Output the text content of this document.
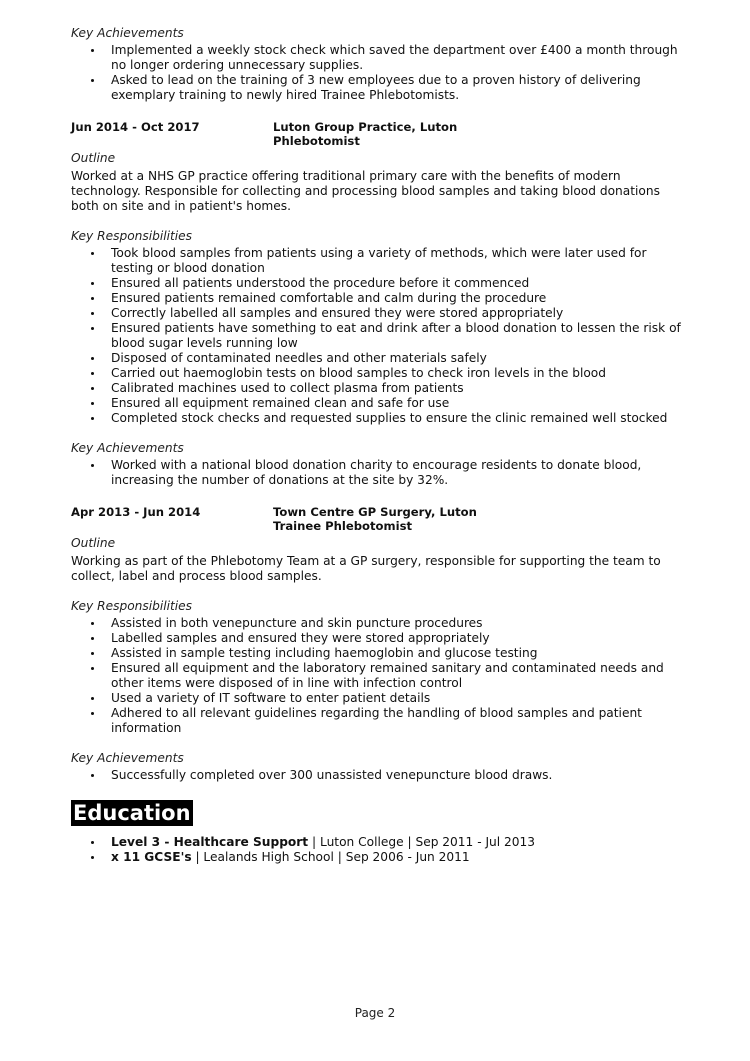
Key Achievements
Implemented a weekly stock check which saved the department over £400 a month through no longer ordering unnecessary supplies.
Asked to lead on the training of 3 new employees due to a proven history of delivering exemplary training to newly hired Trainee Phlebotomists.
Jun 2014 - Oct 2017	Luton Group Practice, Luton
Phlebotomist
Outline

Worked at a NHS GP practice offering traditional primary care with the benefits of modern technology. Responsible for collecting and processing blood samples and taking blood donations both on site and in patient's homes.

Key Responsibilities
Took blood samples from patients using a variety of methods, which were later used for testing or blood donation
Ensured all patients understood the procedure before it commenced
Ensured patients remained comfortable and calm during the procedure
Correctly labelled all samples and ensured they were stored appropriately
Ensured patients have something to eat and drink after a blood donation to lessen the risk of blood sugar levels running low
Disposed of contaminated needles and other materials safely
Carried out haemoglobin tests on blood samples to check iron levels in the blood
Calibrated machines used to collect plasma from patients
Ensured all equipment remained clean and safe for use
Completed stock checks and requested supplies to ensure the clinic remained well stocked
Key Achievements
Worked with a national blood donation charity to encourage residents to donate blood, increasing the number of donations at the site by 32%.
Apr 2013 - Jun 2014	Town Centre GP Surgery, Luton
Trainee Phlebotomist
Outline

Working as part of the Phlebotomy Team at a GP surgery, responsible for supporting the team to collect, label and process blood samples.

Key Responsibilities
Assisted in both venepuncture and skin puncture procedures
Labelled samples and ensured they were stored appropriately
Assisted in sample testing including haemoglobin and glucose testing
Ensured all equipment and the laboratory remained sanitary and contaminated needs and other items were disposed of in line with infection control
Used a variety of IT software to enter patient details
Adhered to all relevant guidelines regarding the handling of blood samples and patient information
Key Achievements
Successfully completed over 300 unassisted venepuncture blood draws.
Education
Level 3 - Healthcare Support | Luton College | Sep 2011 - Jul 2013
x 11 GCSE's | Lealands High School | Sep 2006 - Jun 2011
Page 2
